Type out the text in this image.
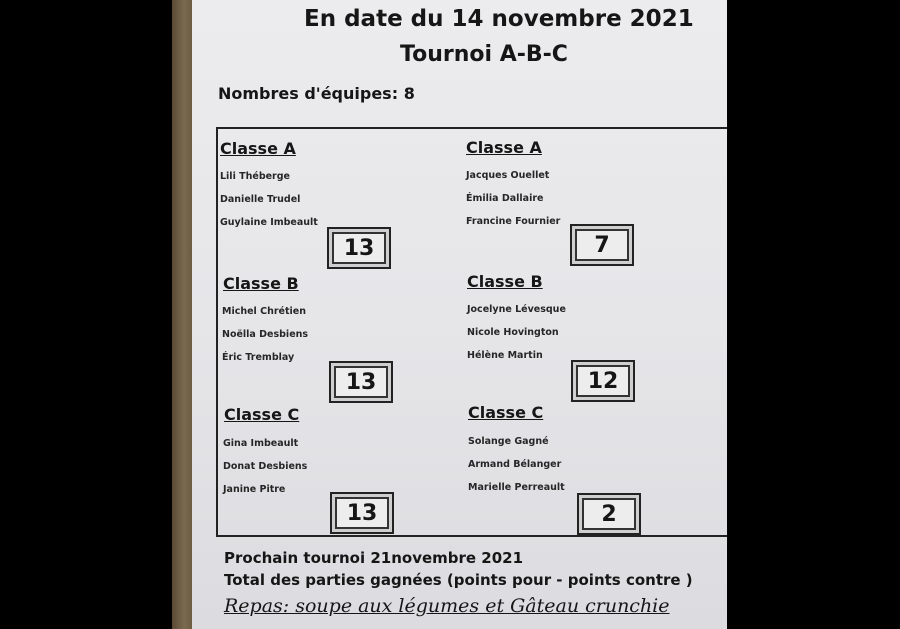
En date du 14 novembre 2021
Tournoi A-B-C
Nombres d'équipes: 8
Classe A
Lili Théberge
Danielle Trudel
Guylaine Imbeault
13
Classe A
Jacques Ouellet
Émilia Dallaire
Francine Fournier
7
Classe B
Michel Chrétien
Noëlla Desbiens
Éric Tremblay
13
Classe B
Jocelyne Lévesque
Nicole Hovington
Hélène Martin
12
Classe C
Gina Imbeault
Donat Desbiens
Janine Pitre
13
Classe C
Solange Gagné
Armand Bélanger
Marielle Perreault
2
Prochain tournoi 21novembre 2021
Total des parties gagnées (points pour - points contre )
Repas: soupe aux légumes et Gâteau crunchie
